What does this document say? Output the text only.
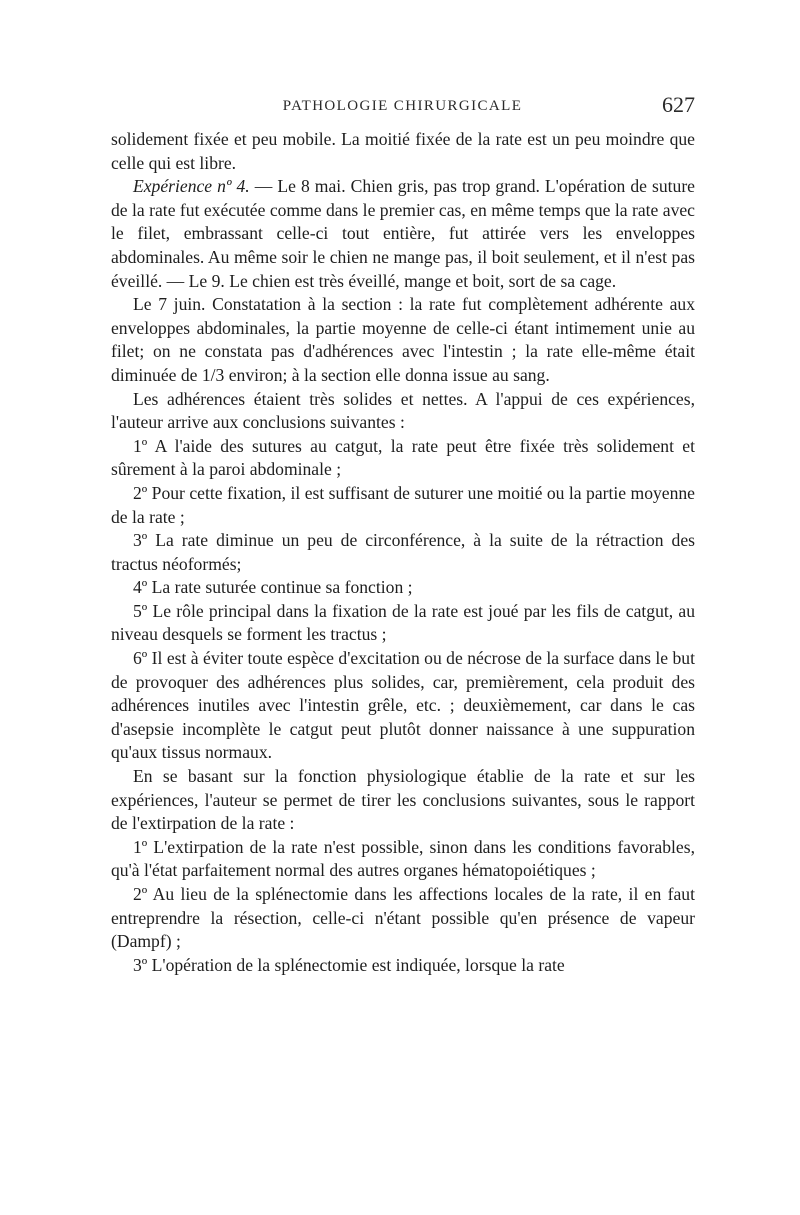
PATHOLOGIE CHIRURGICALE	627

solidement fixée et peu mobile. La moitié fixée de la rate est un peu moindre que celle qui est libre.

Expérience nº 4. — Le 8 mai. Chien gris, pas trop grand. L'opération de suture de la rate fut exécutée comme dans le premier cas, en même temps que la rate avec le filet, embrassant celle-ci tout entière, fut attirée vers les enveloppes abdominales. Au même soir le chien ne mange pas, il boit seulement, et il n'est pas éveillé. — Le 9. Le chien est très éveillé, mange et boit, sort de sa cage.

Le 7 juin. Constatation à la section : la rate fut complètement adhérente aux enveloppes abdominales, la partie moyenne de celle-ci étant intimement unie au filet; on ne constata pas d'adhérences avec l'intestin ; la rate elle-même était diminuée de 1/3 environ; à la section elle donna issue au sang.

Les adhérences étaient très solides et nettes. A l'appui de ces expériences, l'auteur arrive aux conclusions suivantes :

1º A l'aide des sutures au catgut, la rate peut être fixée très solidement et sûrement à la paroi abdominale ;

2º Pour cette fixation, il est suffisant de suturer une moitié ou la partie moyenne de la rate ;

3º La rate diminue un peu de circonférence, à la suite de la rétraction des tractus néoformés;

4º La rate suturée continue sa fonction ;

5º Le rôle principal dans la fixation de la rate est joué par les fils de catgut, au niveau desquels se forment les tractus ;

6º Il est à éviter toute espèce d'excitation ou de nécrose de la surface dans le but de provoquer des adhérences plus solides, car, premièrement, cela produit des adhérences inutiles avec l'intestin grêle, etc. ; deuxièmement, car dans le cas d'asepsie incomplète le catgut peut plutôt donner naissance à une suppuration qu'aux tissus normaux.

En se basant sur la fonction physiologique établie de la rate et sur les expériences, l'auteur se permet de tirer les conclusions suivantes, sous le rapport de l'extirpation de la rate :

1º L'extirpation de la rate n'est possible, sinon dans les conditions favorables, qu'à l'état parfaitement normal des autres organes hématopoiétiques ;

2º Au lieu de la splénectomie dans les affections locales de la rate, il en faut entreprendre la résection, celle-ci n'étant possible qu'en présence de vapeur (Dampf) ;

3º L'opération de la splénectomie est indiquée, lorsque la rate
